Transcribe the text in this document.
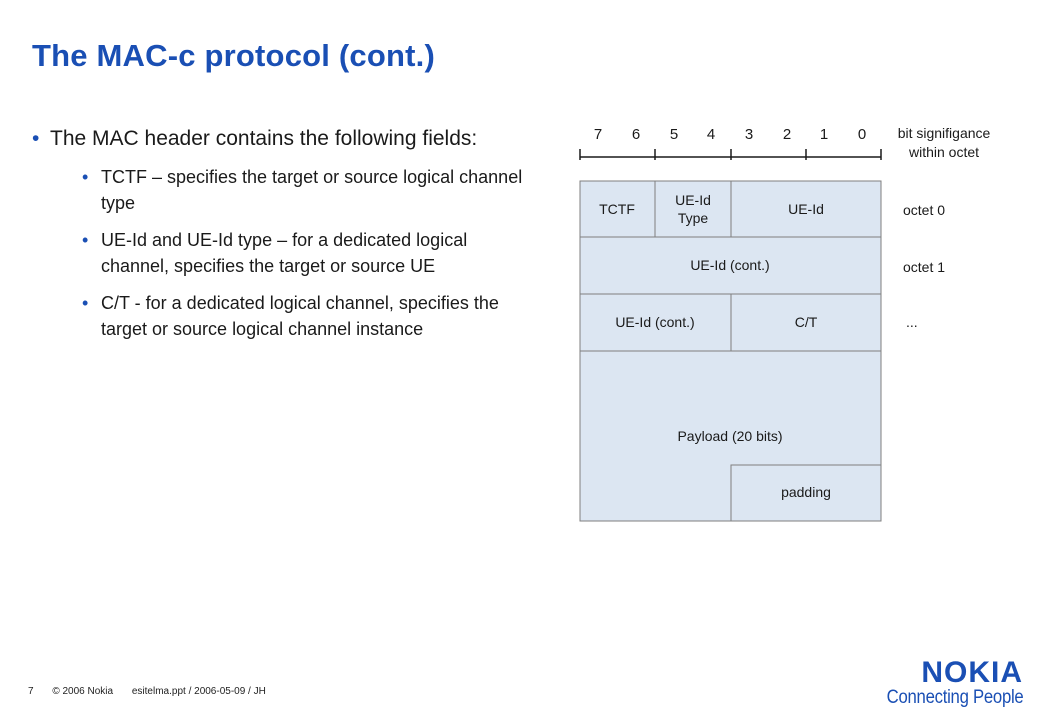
The MAC-c protocol (cont.)
• The MAC header contains the following fields:
• TCTF – specifies the target or source logical channel type
• UE-Id and UE-Id type – for a dedicated logical channel, specifies the target or source UE
• C/T - for a dedicated logical channel, specifies the target or source logical channel instance
7 6 5 4 3 2 1 0 bit signifigance
within octet
TCTF
UE-Id
Type
UE-Id
UE-Id (cont.)
UE-Id (cont.)	C/T
Payload (20 bits)
padding
octet 0
octet 1
...
7 © 2006 Nokia esitelma.ppt / 2006-05-09 / JH
NOKIA
Connecting People
